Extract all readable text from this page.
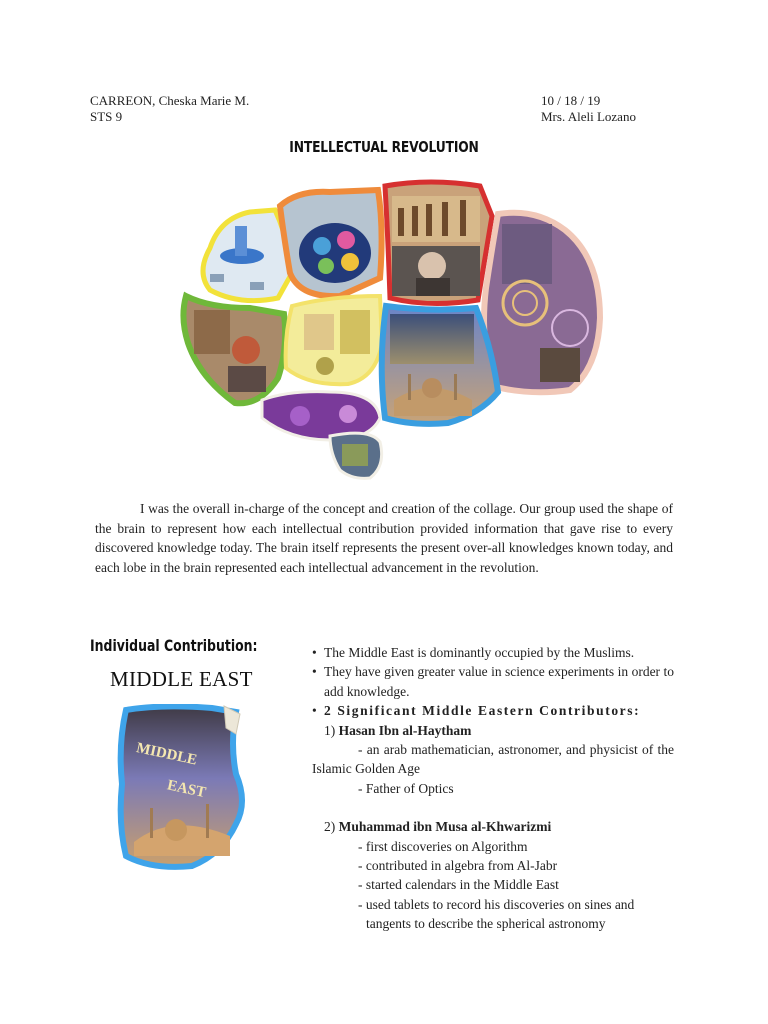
CARREON, Cheska Marie M.
STS 9
10 / 18 / 19
Mrs. Aleli Lozano
INTELLECTUAL REVOLUTION
I was the overall in-charge of the concept and creation of the collage. Our group used the shape of the brain to represent how each intellectual contribution provided information that gave rise to every discovered knowledge today. The brain itself represents the present over-all knowledges known today, and each lobe in the brain represented each intellectual advancement in the revolution.
Individual Contribution:
MIDDLE EAST
MIDDLE
EAST
• The Middle East is dominantly occupied by the Muslims.
• They have given greater value in science experiments in order to add knowledge.
• 2 Significant Middle Eastern Contributors:
1) Hasan Ibn al-Haytham
- an arab mathematician, astronomer, and physicist of the Islamic Golden Age
- Father of Optics
2) Muhammad ibn Musa al-Khwarizmi
- first discoveries on Algorithm
- contributed in algebra from Al-Jabr
- started calendars in the Middle East
- used tablets to record his discoveries on sines and
tangents to describe the spherical astronomy
